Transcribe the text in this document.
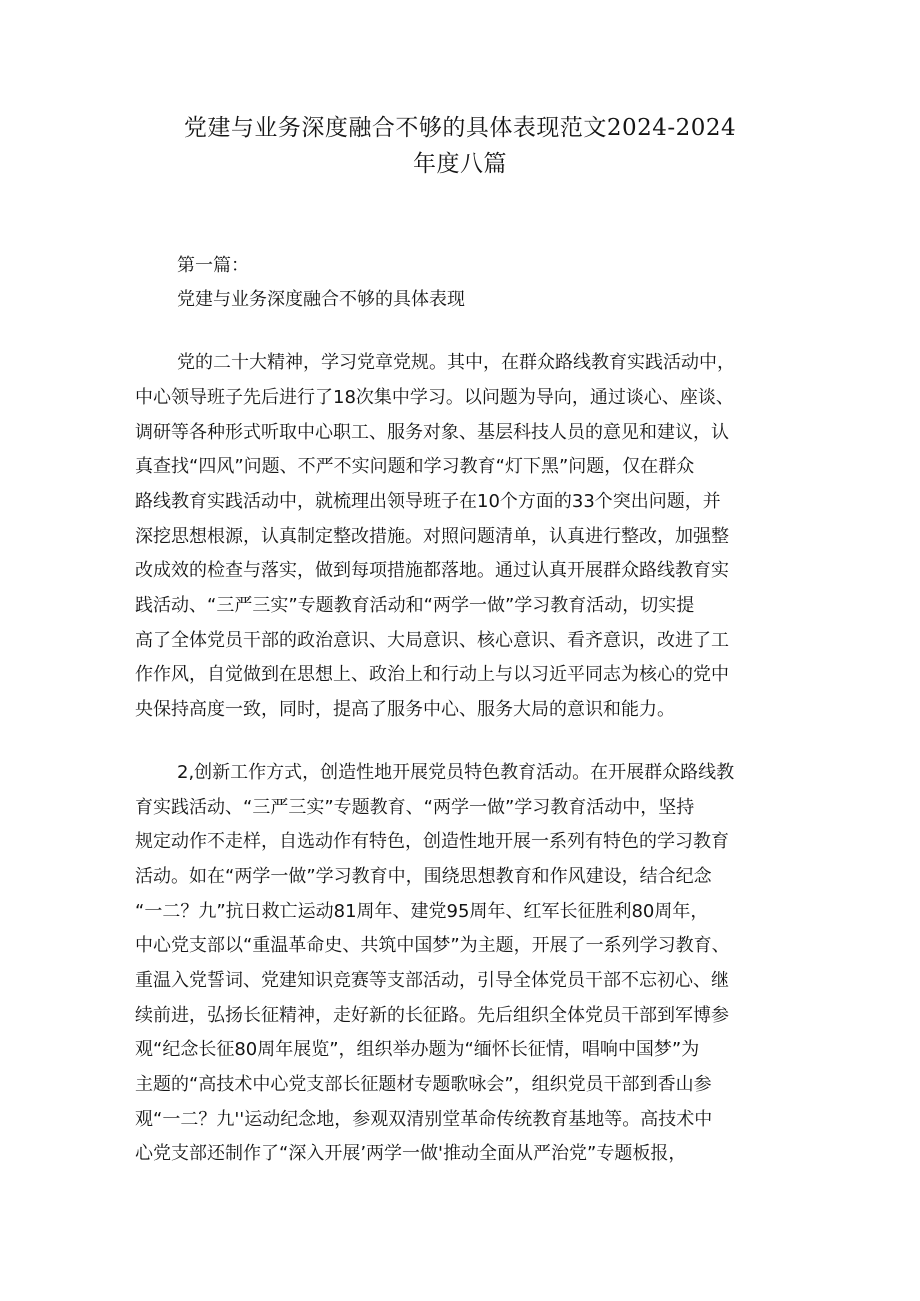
党建与业务深度融合不够的具体表现范文2024-2024
年度八篇
第一篇：
党建与业务深度融合不够的具体表现
党的二十大精神，学习党章党规。其中，在群众路线教育实践活动中，
中心领导班子先后进行了18次集中学习。以问题为导向，通过谈心、座谈、
调研等各种形式听取中心职工、服务对象、基层科技人员的意见和建议，认
真查找“四风”问题、不严不实问题和学习教育“灯下黑”问题，仅在群众
路线教育实践活动中，就梳理出领导班子在10个方面的33个突出问题，并
深挖思想根源，认真制定整改措施。对照问题清单，认真进行整改，加强整
改成效的检查与落实，做到每项措施都落地。通过认真开展群众路线教育实
践活动、“三严三实”专题教育活动和“两学一做”学习教育活动，切实提
高了全体党员干部的政治意识、大局意识、核心意识、看齐意识，改进了工
作作风，自觉做到在思想上、政治上和行动上与以习近平同志为核心的党中
央保持高度一致，同时，提高了服务中心、服务大局的意识和能力。
2,创新工作方式，创造性地开展党员特色教育活动。在开展群众路线教
育实践活动、“三严三实”专题教育、“两学一做”学习教育活动中，坚持
规定动作不走样，自选动作有特色，创造性地开展一系列有特色的学习教育
活动。如在“两学一做”学习教育中，围绕思想教育和作风建设，结合纪念
“一二？九”抗日救亡运动81周年、建党95周年、红军长征胜利80周年，
中心党支部以“重温革命史、共筑中国梦”为主题，开展了一系列学习教育、
重温入党誓词、党建知识竞赛等支部活动，引导全体党员干部不忘初心、继
续前进，弘扬长征精神，走好新的长征路。先后组织全体党员干部到军博参
观“纪念长征80周年展览”，组织举办题为“缅怀长征情，唱响中国梦”为
主题的“高技术中心党支部长征题材专题歌咏会”，组织党员干部到香山参
观“一二？九''运动纪念地，参观双清别堂革命传统教育基地等。高技术中
心党支部还制作了“深入开展’两学一做'推动全面从严治党”专题板报，
